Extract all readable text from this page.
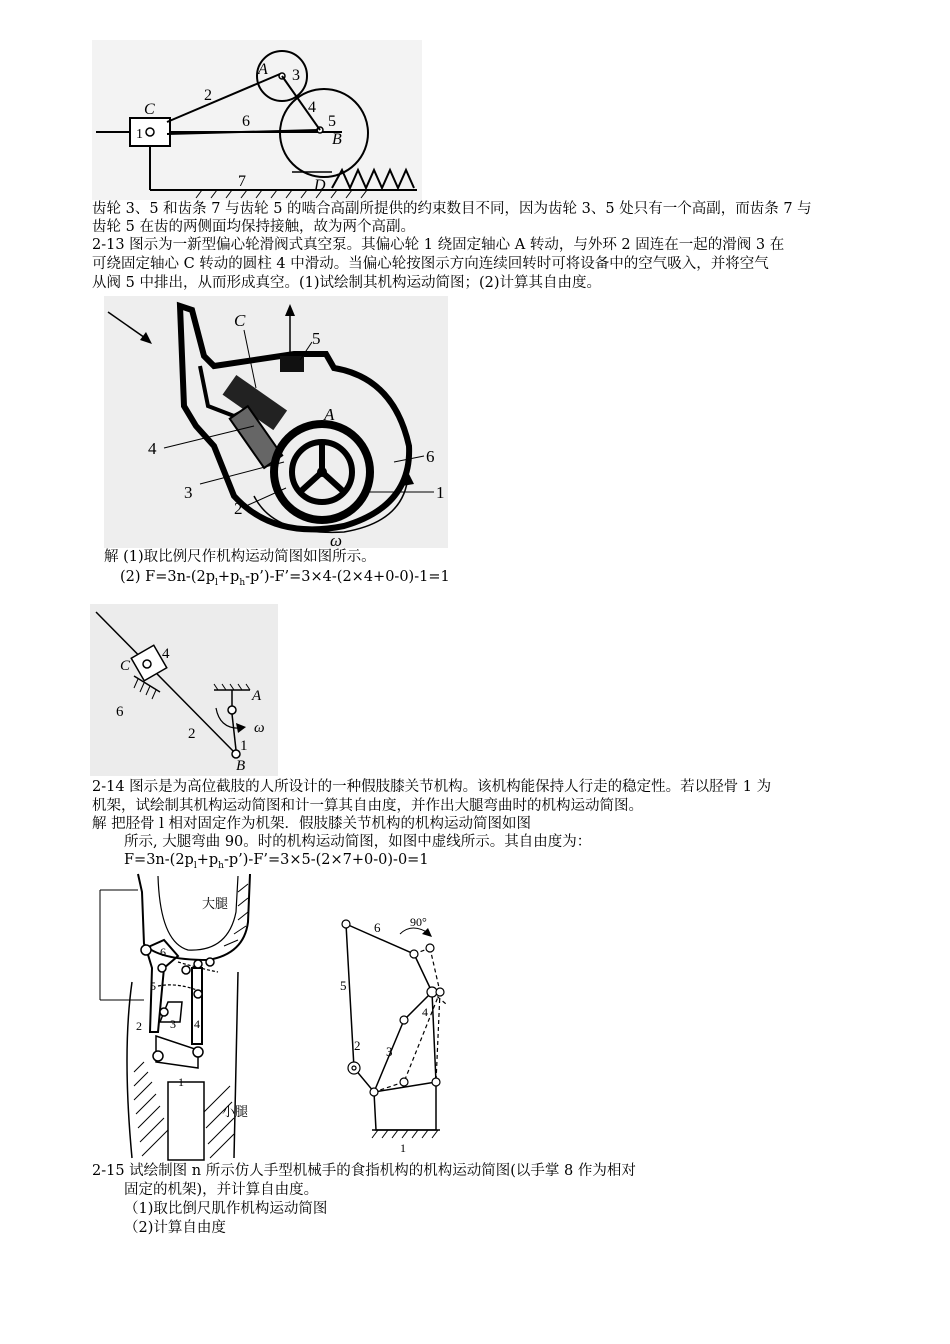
A 3
2
4
5
B
C
1
6
7	D
齿轮 3、5 和齿条 7 与齿轮 5 的啮合高副所提供的约束数目不同，因为齿轮 3、5 处只有一个高副，而齿条 7 与
齿轮 5 在齿的两侧面均保持接触，故为两个高副。
2-13 图示为一新型偏心轮滑阀式真空泵。其偏心轮 1 绕固定轴心 A 转动，与外环 2 固连在一起的滑阀 3 在
可绕固定轴心 C 转动的圆柱 4 中滑动。当偏心轮按图示方向连续回转时可将设备中的空气吸入，并将空气
从阀 5 中排出，从而形成真空。(1)试绘制其机构运动简图；(2)计算其自由度。
C
5
A
4	6
3	1
2
ω
解 (1)取比例尺作机构运动简图如图所示。
(2) $F=3n-(2p_l+p_h-p’)-F’=3\times 4-(2\times 4+0-0)-1=1$
C
4
6
A
ω
2
1
B
2-14 图示是为高位截肢的人所设计的一种假肢膝关节机构。该机构能保持人行走的稳定性。若以胫骨 1 为
机架，试绘制其机构运动简图和计一算其自由度，并作出大腿弯曲时的机构运动简图。
解 把胫骨 l 相对固定作为机架．假肢膝关节机构的机构运动简图如图
所示, 大腿弯曲 90。时的机构运动简图，如图中虚线所示。其自由度为：
$F=3n-(2p_l+p_h-p’)-F’=3\times 5-(2\times 7+0-0)-0=1$
大腿
小腿
6
5
2 3 4
1
90°
6
5
4
3
2
1
2-15 试绘制图 n 所示仿人手型机械手的食指机构的机构运动简图(以手掌 8 作为相对
固定的机架)，并计算自由度。
（1)取比倒尺肌作机构运动简图
（2)计算自由度
